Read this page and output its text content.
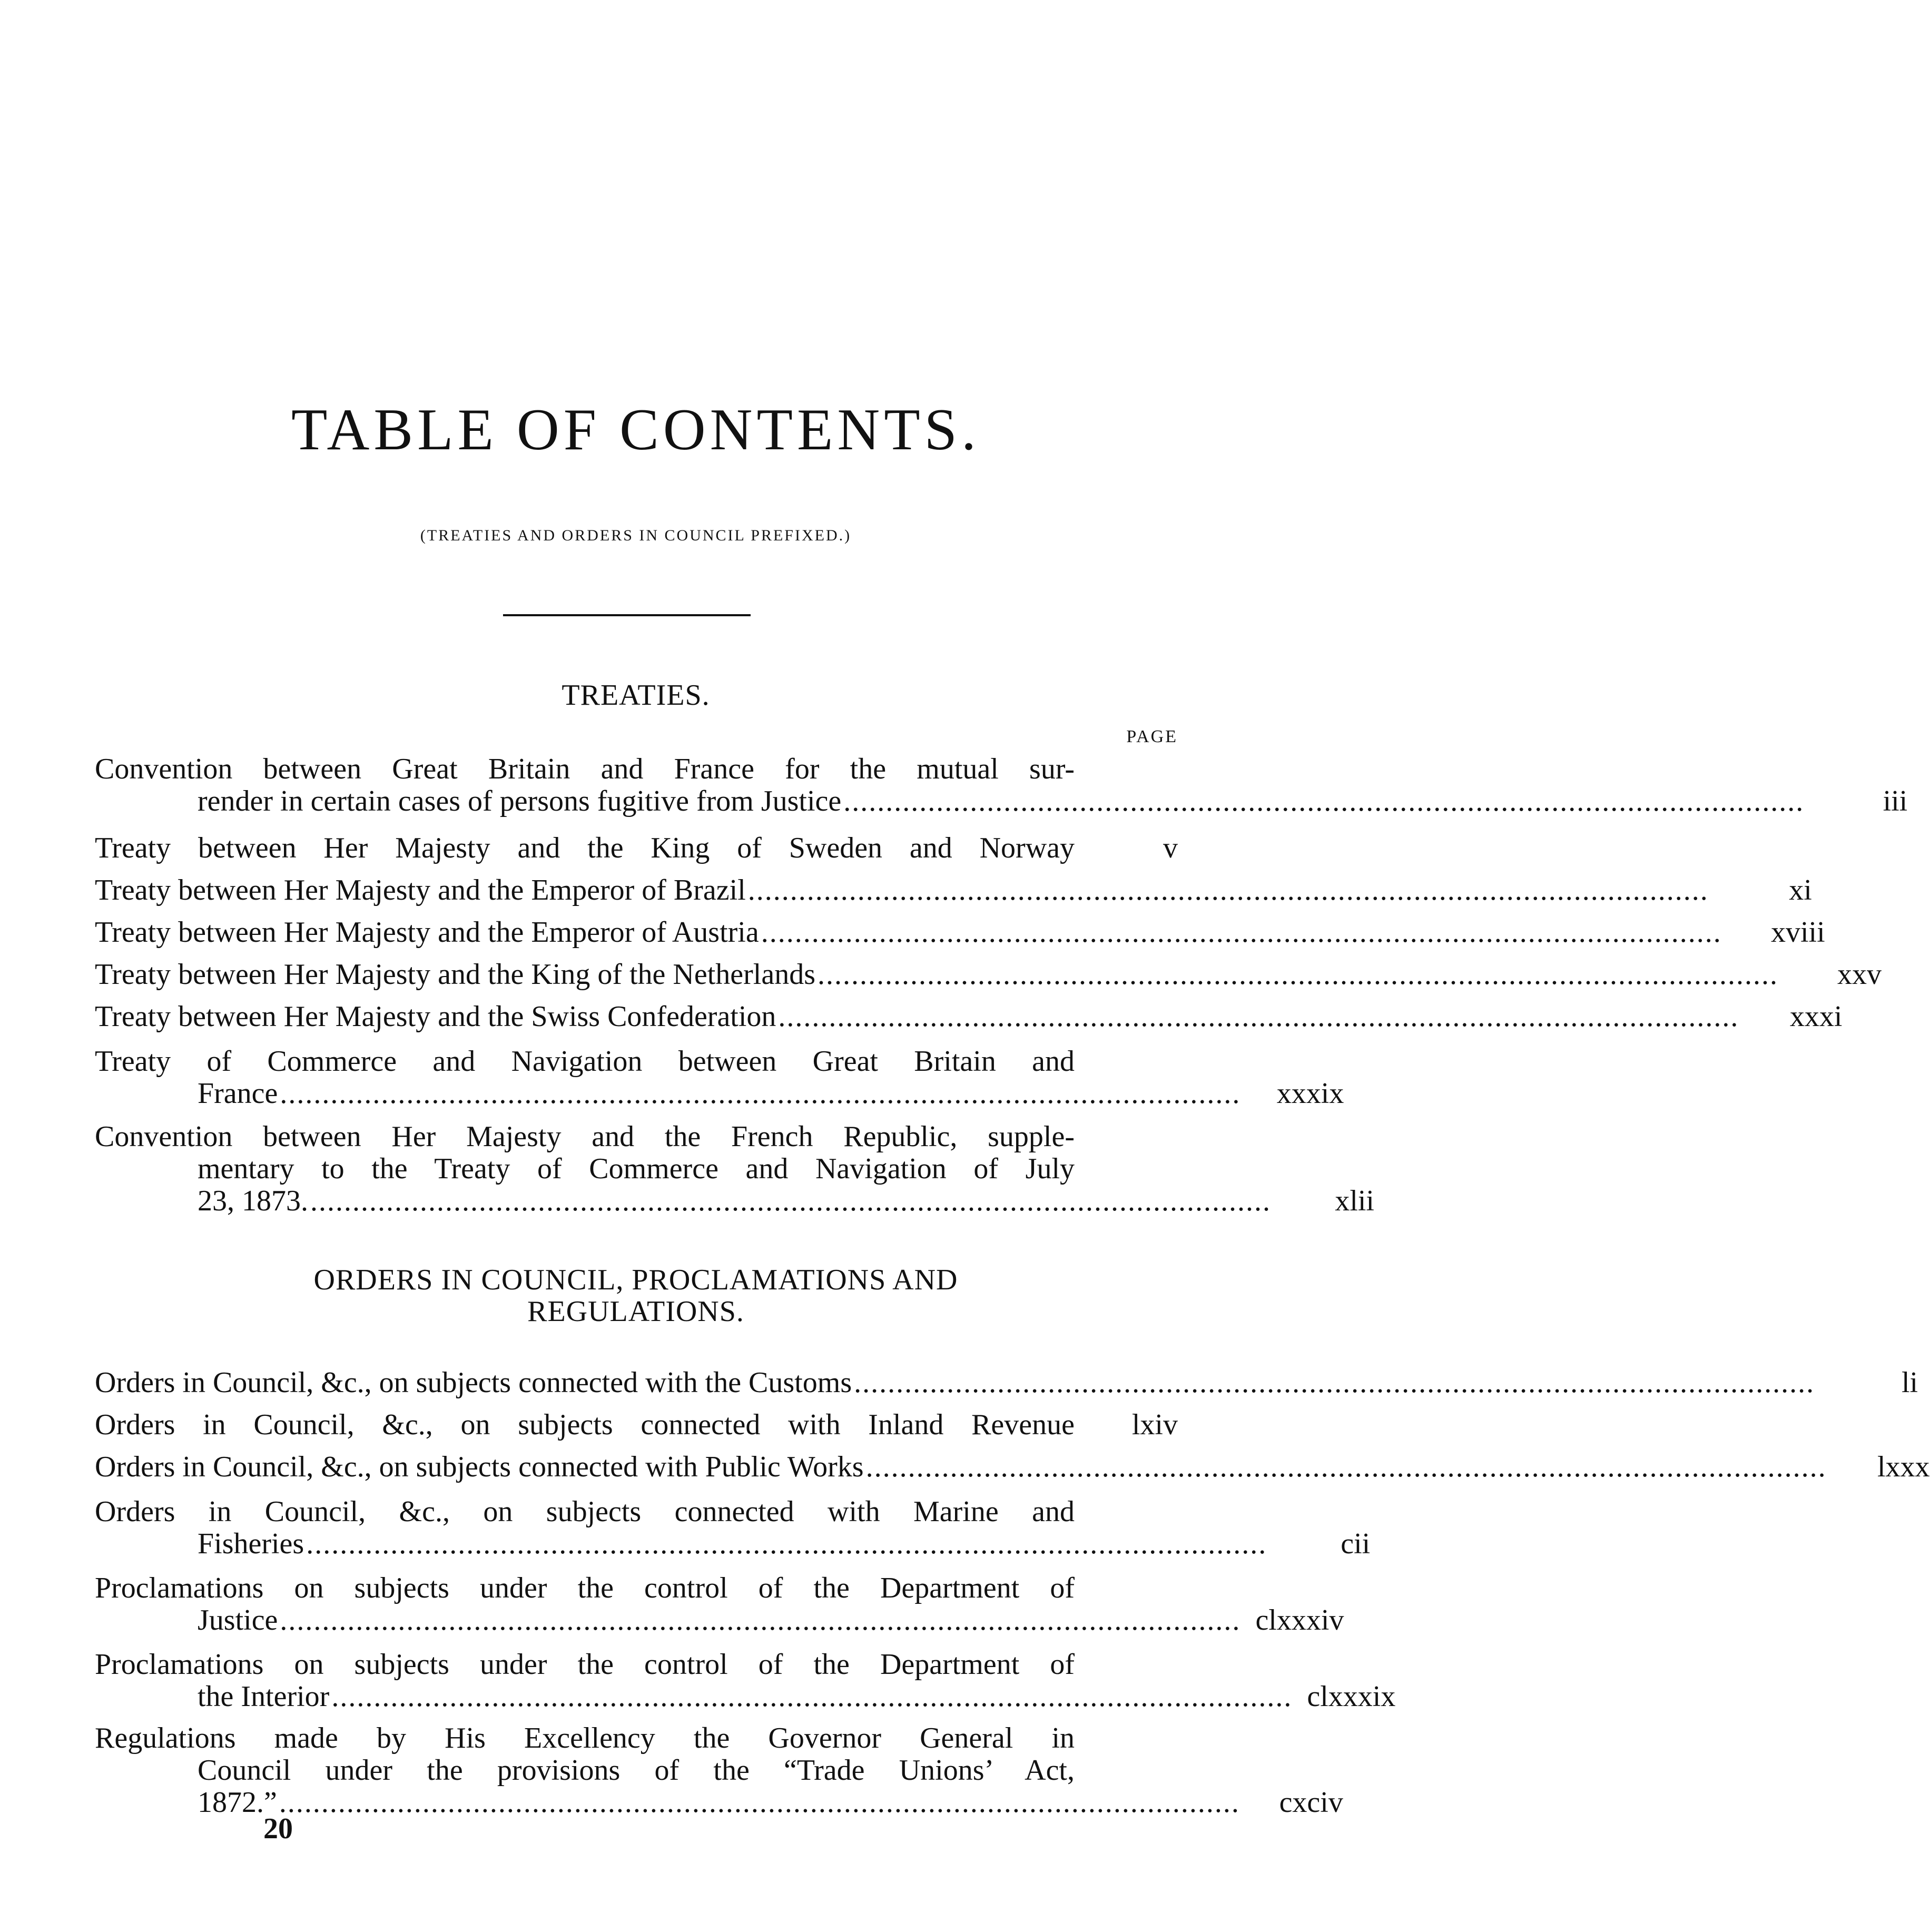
TABLE OF CONTENTS.
(TREATIES AND ORDERS IN COUNCIL PREFIXED.)
TREATIES.
PAGE
Convention between Great Britain and France for the mutual sur-
render in certain cases of persons fugitive from Justice ..................................................................................................................	iii
Treaty between Her Majesty and the King of Sweden and Norway	v
Treaty between Her Majesty and the Emperor of Brazil ..................................................................................................................	xi
Treaty between Her Majesty and the Emperor of Austria ..................................................................................................................	xviii
Treaty between Her Majesty and the King of the Netherlands ..................................................................................................................	xxv
Treaty between Her Majesty and the Swiss Confederation ..................................................................................................................	xxxi
Treaty of Commerce and Navigation between Great Britain and
France ..................................................................................................................	xxxix
Convention between Her Majesty and the French Republic, supple-
mentary to the Treaty of Commerce and Navigation of July
23, 1873. ..................................................................................................................	xlii
ORDERS IN COUNCIL, PROCLAMATIONS AND
REGULATIONS.
Orders in Council, &c., on subjects connected with the Customs ..................................................................................................................	li
Orders in Council, &c., on subjects connected with Inland Revenue	lxiv
Orders in Council, &c., on subjects connected with Public Works ..................................................................................................................	lxxx
Orders in Council, &c., on subjects connected with Marine and
Fisheries ..................................................................................................................	cii
Proclamations on subjects under the control of the Department of
Justice .................................................................................................................. clxxxiv
Proclamations on subjects under the control of the Department of
the Interior .................................................................................................................. clxxxix
Regulations made by His Excellency the Governor General in
Council under the provisions of the “Trade Unions’ Act,
1872.” ..................................................................................................................	cxciv
20
